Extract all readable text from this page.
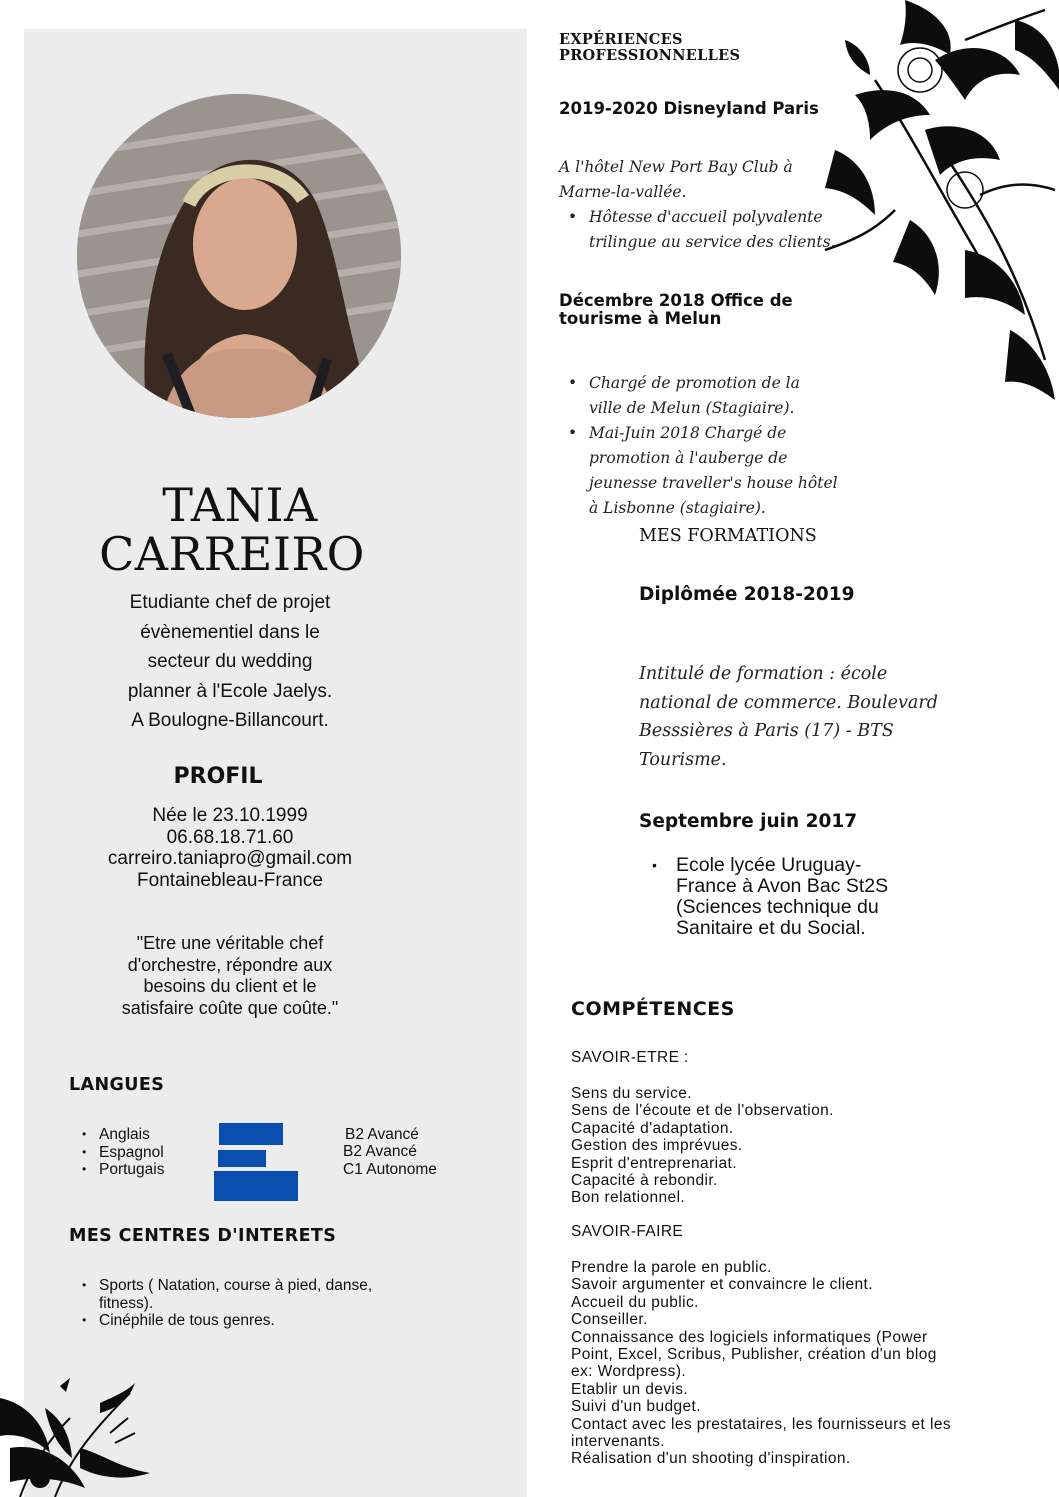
TANIA
CARREIRO
Etudiante chef de projet
évènementiel dans le
secteur du wedding
planner à l'Ecole Jaelys.
A Boulogne-Billancourt.
PROFIL
Née le 23.10.1999
06.68.18.71.60
carreiro.taniapro@gmail.com
Fontainebleau-France
"Etre une véritable chef
d'orchestre, répondre aux
besoins du client et le
satisfaire coûte que coûte."
LANGUES
• Anglais
• Espagnol
• Portugais
B2 Avancé
B2 Avancé
C1 Autonome
MES CENTRES D'INTERETS
• Sports ( Natation, course à pied, danse,
fitness).
• Cinéphile de tous genres.
EXPÉRIENCES
PROFESSIONNELLES
2019-2020 Disneyland Paris
A l'hôtel New Port Bay Club à
Marne-la-vallée.
• Hôtesse d'accueil polyvalente
trilingue au service des clients.
Décembre 2018 Office de
tourisme à Melun
• Chargé de promotion de la
ville de Melun (Stagiaire).
• Mai-Juin 2018 Chargé de
promotion à l'auberge de
jeunesse traveller's house hôtel
à Lisbonne (stagiaire).
MES FORMATIONS
Diplômée 2018-2019
Intitulé de formation : école
national de commerce. Boulevard
Besssières à Paris (17) - BTS
Tourisme.
Septembre juin 2017
• Ecole lycée Uruguay-
France à Avon Bac St2S
(Sciences technique du
Sanitaire et du Social.
COMPÉTENCES
SAVOIR-ETRE :
Sens du service.
Sens de l'écoute et de l'observation.
Capacité d'adaptation.
Gestion des imprévues.
Esprit d'entreprenariat.
Capacité à rebondir.
Bon relationnel.
SAVOIR-FAIRE
Prendre la parole en public.
Savoir argumenter et convaincre le client.
Accueil du public.
Conseiller.
Connaissance des logiciels informatiques (Power
Point, Excel, Scribus, Publisher, création d'un blog
ex: Wordpress).
Etablir un devis.
Suivi d'un budget.
Contact avec les prestataires, les fournisseurs et les
intervenants.
Réalisation d'un shooting d'inspiration.
